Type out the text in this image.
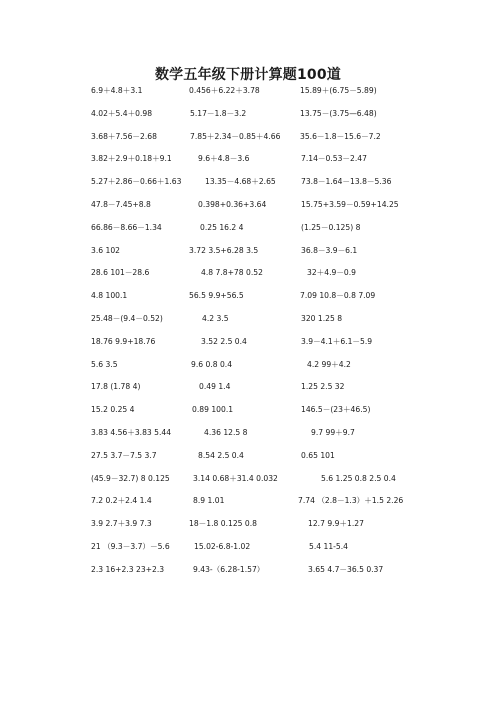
数学五年级下册计算题100道
6.9＋4.8＋3.1	0.456＋6.22＋3.78	15.89＋(6.75－5.89)
4.02＋5.4＋0.98	5.17－1.8－3.2	13.75－(3.75—6.48)
3.68＋7.56－2.68	7.85＋2.34－0.85＋4.66	35.6－1.8－15.6－7.2
3.82＋2.9＋0.18＋9.1	9.6＋4.8－3.6	7.14－0.53－2.47
5.27＋2.86－0.66＋1.63	13.35－4.68＋2.65	73.8－1.64－13.8－5.36
47.8－7.45+8.8	0.398+0.36+3.64	15.75+3.59－0.59+14.25
66.86－8.66－1.34	0.25 16.2 4	(1.25－0.125) 8
3.6 102	3.72 3.5+6.28 3.5	36.8－3.9－6.1
28.6 101－28.6	4.8 7.8+78 0.52	32＋4.9－0.9
4.8 100.1	56.5 9.9+56.5	7.09 10.8－0.8 7.09
25.48－(9.4－0.52)	4.2 3.5	320 1.25 8
18.76 9.9+18.76	3.52 2.5 0.4	3.9－4.1＋6.1－5.9
5.6 3.5	9.6 0.8 0.4	4.2 99＋4.2
17.8 (1.78 4)	0.49 1.4	1.25 2.5 32
15.2 0.25 4	0.89 100.1	146.5－(23＋46.5)
3.83 4.56＋3.83 5.44	4.36 12.5 8	9.7 99＋9.7
27.5 3.7－7.5 3.7	8.54 2.5 0.4	0.65 101
(45.9－32.7) 8 0.125	3.14 0.68＋31.4 0.032	5.6 1.25 0.8 2.5 0.4
7.2 0.2＋2.4 1.4	8.9 1.01	7.74 （2.8－1.3）＋1.5 2.26
3.9 2.7＋3.9 7.3	18－1.8 0.125 0.8	12.7 9.9＋1.27
21 （9.3－3.7）－5.6	15.02-6.8-1.02	5.4 11-5.4
2.3 16+2.3 23+2.3	9.43-（6.28-1.57）	3.65 4.7－36.5 0.37
